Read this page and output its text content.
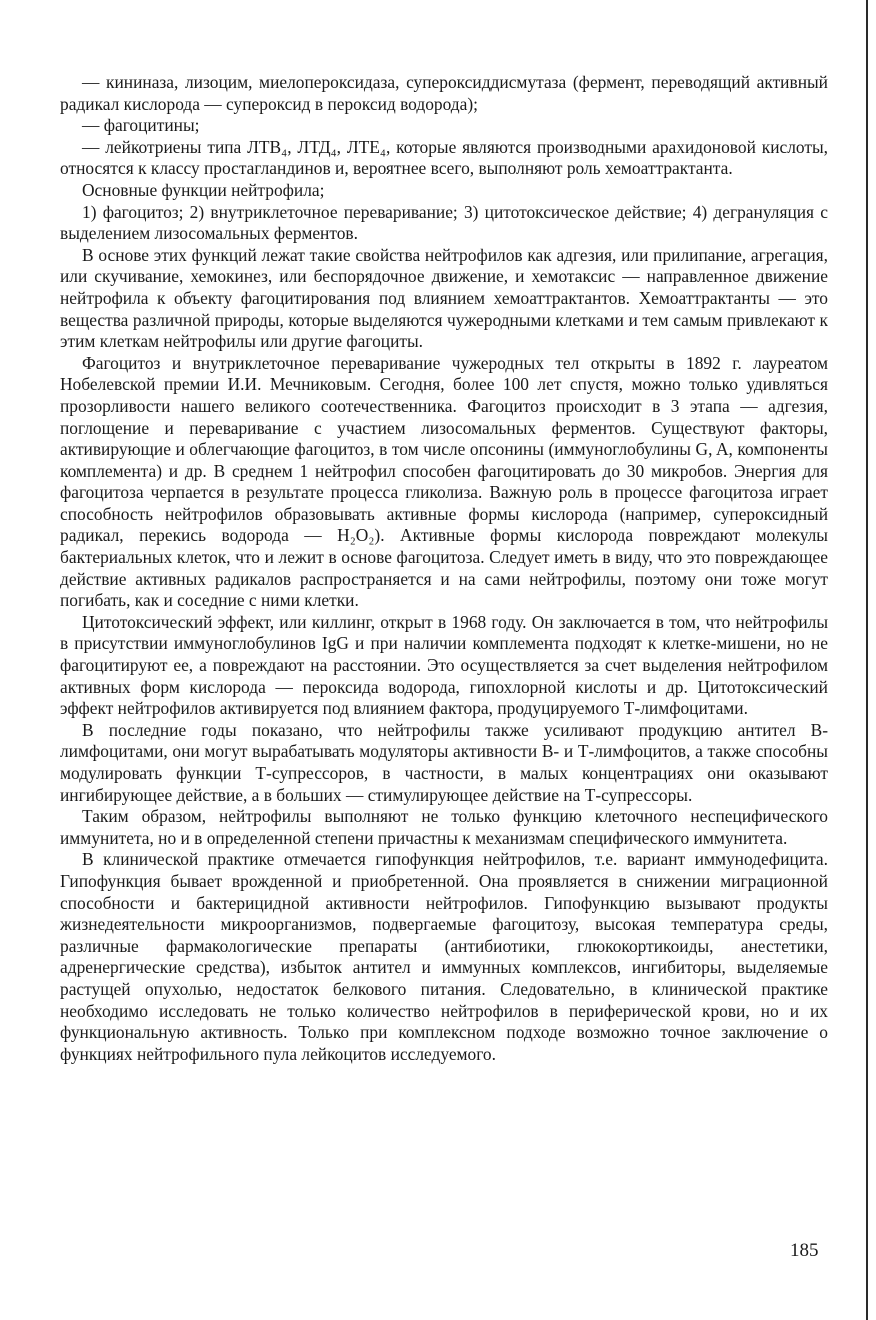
— кининаза, лизоцим, миелопероксидаза, супероксиддисмутаза (фермент, переводящий активный радикал кислорода — супероксид в пероксид водорода);

— фагоцитины;

— лейкотриены типа ЛТВ₄, ЛТД₄, ЛТЕ₄, которые являются производными арахидоновой кислоты, относятся к классу простагландинов и, вероятнее всего, выполняют роль хемоаттрактанта.

Основные функции нейтрофила;

1) фагоцитоз; 2) внутриклеточное переваривание; 3) цитотоксическое действие; 4) дегрануляция с выделением лизосомальных ферментов.

В основе этих функций лежат такие свойства нейтрофилов как адгезия, или прилипание, агрегация, или скучивание, хемокинез, или беспорядочное движение, и хемотаксис — направленное движение нейтрофила к объекту фагоцитирования под влиянием хемоаттрактантов. Хемоаттрактанты — это вещества различной природы, которые выделяются чужеродными клетками и тем самым привлекают к этим клеткам нейтрофилы или другие фагоциты.

Фагоцитоз и внутриклеточное переваривание чужеродных тел открыты в 1892 г. лауреатом Нобелевской премии И.И. Мечниковым. Сегодня, более 100 лет спустя, можно только удивляться прозорливости нашего великого соотечественника. Фагоцитоз происходит в 3 этапа — адгезия, поглощение и переваривание с участием лизосомальных ферментов. Существуют факторы, активирующие и облегчающие фагоцитоз, в том числе опсонины (иммуноглобулины G, A, компоненты комплемента) и др. В среднем 1 нейтрофил способен фагоцитировать до 30 микробов. Энергия для фагоцитоза черпается в результате процесса гликолиза. Важную роль в процессе фагоцитоза играет способность нейтрофилов образовывать активные формы кислорода (например, супероксидный радикал, перекись водорода — H₂O₂). Активные формы кислорода повреждают молекулы бактериальных клеток, что и лежит в основе фагоцитоза. Следует иметь в виду, что это повреждающее действие активных радикалов распространяется и на сами нейтрофилы, поэтому они тоже могут погибать, как и соседние с ними клетки.

Цитотоксический эффект, или киллинг, открыт в 1968 году. Он заключается в том, что нейтрофилы в присутствии иммуноглобулинов IgG и при наличии комплемента подходят к клетке-мишени, но не фагоцитируют ее, а повреждают на расстоянии. Это осуществляется за счет выделения нейтрофилом активных форм кислорода — пероксида водорода, гипохлорной кислоты и др. Цитотоксический эффект нейтрофилов активируется под влиянием фактора, продуцируемого Т-лимфоцитами.

В последние годы показано, что нейтрофилы также усиливают продукцию антител В-лимфоцитами, они могут вырабатывать модуляторы активности В- и Т-лимфоцитов, а также способны модулировать функции Т-супрессоров, в частности, в малых концентрациях они оказывают ингибирующее действие, а в больших — стимулирующее действие на Т-супрессоры.

Таким образом, нейтрофилы выполняют не только функцию клеточного неспецифического иммунитета, но и в определенной степени причастны к механизмам специфического иммунитета.

В клинической практике отмечается гипофункция нейтрофилов, т.е. вариант иммунодефицита. Гипофункция бывает врожденной и приобретенной. Она проявляется в снижении миграционной способности и бактерицидной активности нейтрофилов. Гипофункцию вызывают продукты жизнедеятельности микроорганизмов, подвергаемые фагоцитозу, высокая температура среды, различные фармакологические препараты (антибиотики, глюкокортикоиды, анестетики, адренергические средства), избыток антител и иммунных комплексов, ингибиторы, выделяемые растущей опухолью, недостаток белкового питания. Следовательно, в клинической практике необходимо исследовать не только количество нейтрофилов в периферической крови, но и их функциональную активность. Только при комплексном подходе возможно точное заключение о функциях нейтрофильного пула лейкоцитов исследуемого.

185
